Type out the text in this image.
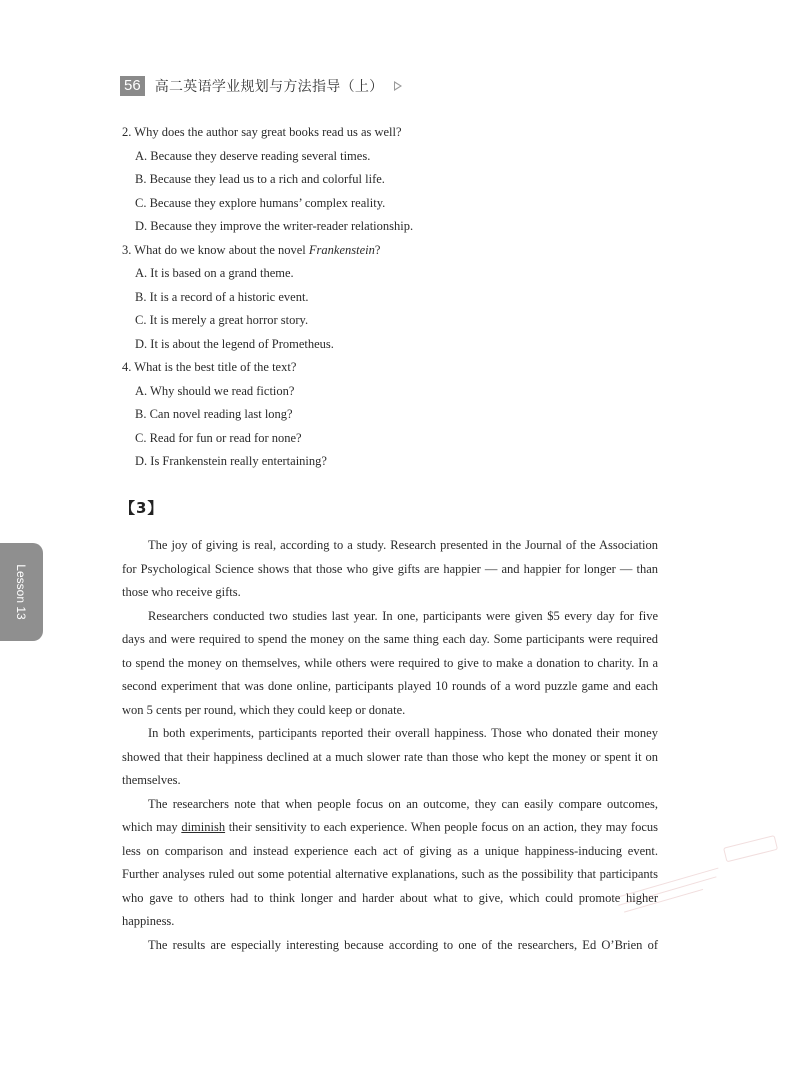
56 高二英语学业规划与方法指导（上）
2. Why does the author say great books read us as well?
A. Because they deserve reading several times.
B. Because they lead us to a rich and colorful life.
C. Because they explore humans’ complex reality.
D. Because they improve the writer-reader relationship.
3. What do we know about the novel Frankenstein?
A. It is based on a grand theme.
B. It is a record of a historic event.
C. It is merely a great horror story.
D. It is about the legend of Prometheus.
4. What is the best title of the text?
A. Why should we read fiction?
B. Can novel reading last long?
C. Read for fun or read for none?
D. Is Frankenstein really entertaining?
【3】

The joy of giving is real, according to a study. Research presented in the Journal of the Association for Psychological Science shows that those who give gifts are happier — and happier for longer — than those who receive gifts.

Researchers conducted two studies last year. In one, participants were given $5 every day for five days and were required to spend the money on the same thing each day. Some participants were required to spend the money on themselves, while others were required to give to make a donation to charity. In a second experiment that was done online, participants played 10 rounds of a word puzzle game and each won 5 cents per round, which they could keep or donate.

In both experiments, participants reported their overall happiness. Those who donated their money showed that their happiness declined at a much slower rate than those who kept the money or spent it on themselves.

The researchers note that when people focus on an outcome, they can easily compare outcomes, which may diminish their sensitivity to each experience. When people focus on an action, they may focus less on comparison and instead experience each act of giving as a unique happiness-inducing event. Further analyses ruled out some potential alternative explanations, such as the possibility that participants who gave to others had to think longer and harder about what to give, which could promote higher happiness.

The results are especially interesting because according to one of the researchers, Ed O’Brien of

Lesson 13
